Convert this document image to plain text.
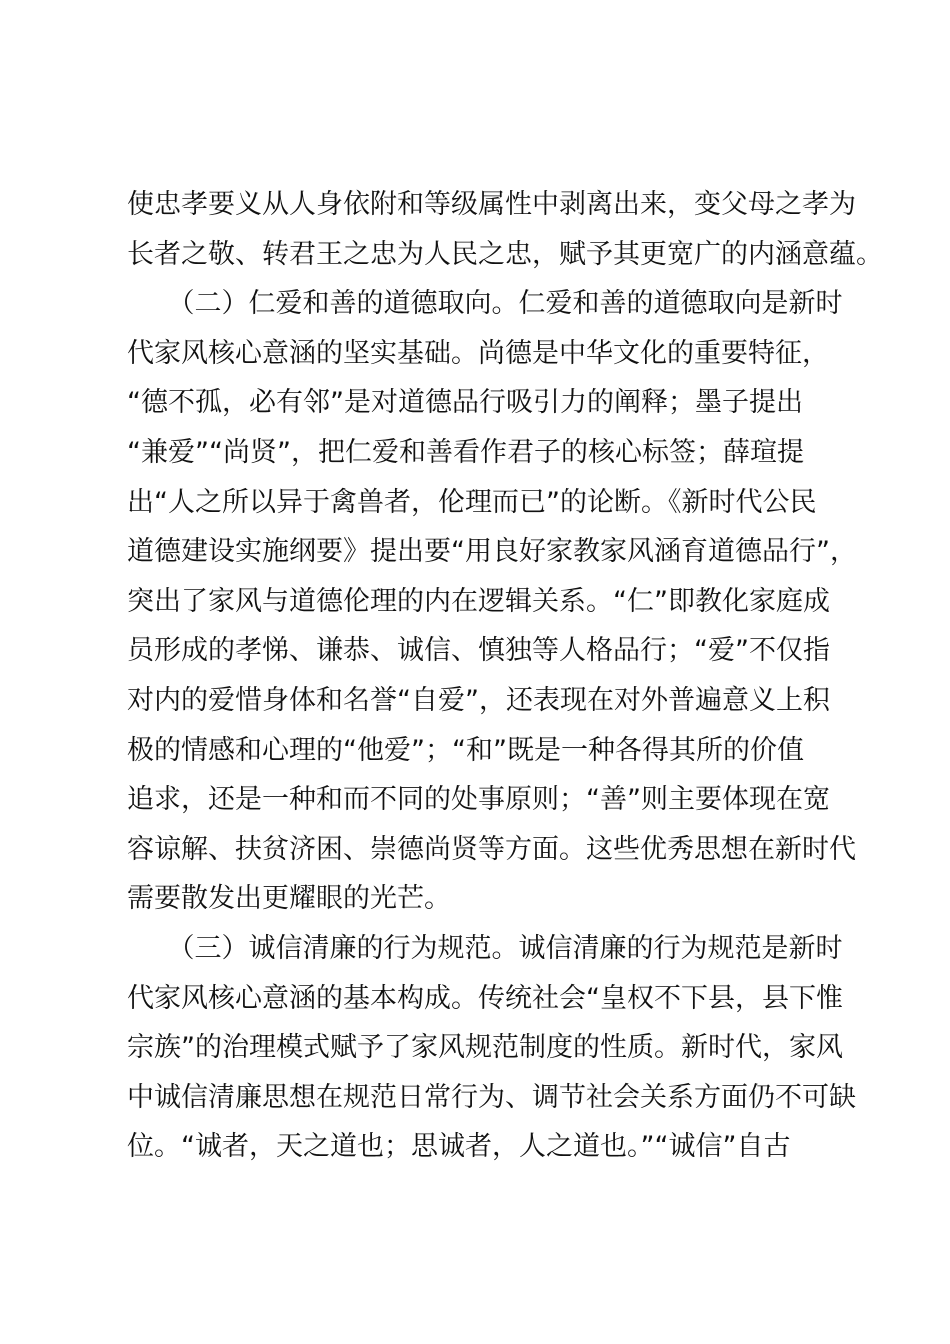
使忠孝要义从人身依附和等级属性中剥离出来，变父母之孝为

长者之敬、转君王之忠为人民之忠，赋予其更宽广的内涵意蕴。

　　（二）仁爱和善的道德取向。仁爱和善的道德取向是新时

代家风核心意涵的坚实基础。尚德是中华文化的重要特征，

“德不孤，必有邻”是对道德品行吸引力的阐释；墨子提出

“兼爱”“尚贤”，把仁爱和善看作君子的核心标签；薛瑄提

出“人之所以异于禽兽者，伦理而已”的论断。《新时代公民

道德建设实施纲要》提出要“用良好家教家风涵育道德品行”，

突出了家风与道德伦理的内在逻辑关系。“仁”即教化家庭成

员形成的孝悌、谦恭、诚信、慎独等人格品行；“爱”不仅指

对内的爱惜身体和名誉“自爱”，还表现在对外普遍意义上积

极的情感和心理的“他爱”；“和”既是一种各得其所的价值

追求，还是一种和而不同的处事原则；“善”则主要体现在宽

容谅解、扶贫济困、崇德尚贤等方面。这些优秀思想在新时代

需要散发出更耀眼的光芒。

　　（三）诚信清廉的行为规范。诚信清廉的行为规范是新时

代家风核心意涵的基本构成。传统社会“皇权不下县，县下惟

宗族”的治理模式赋予了家风规范制度的性质。新时代，家风

中诚信清廉思想在规范日常行为、调节社会关系方面仍不可缺

位。“诚者，天之道也；思诚者，人之道也。”“诚信”自古
